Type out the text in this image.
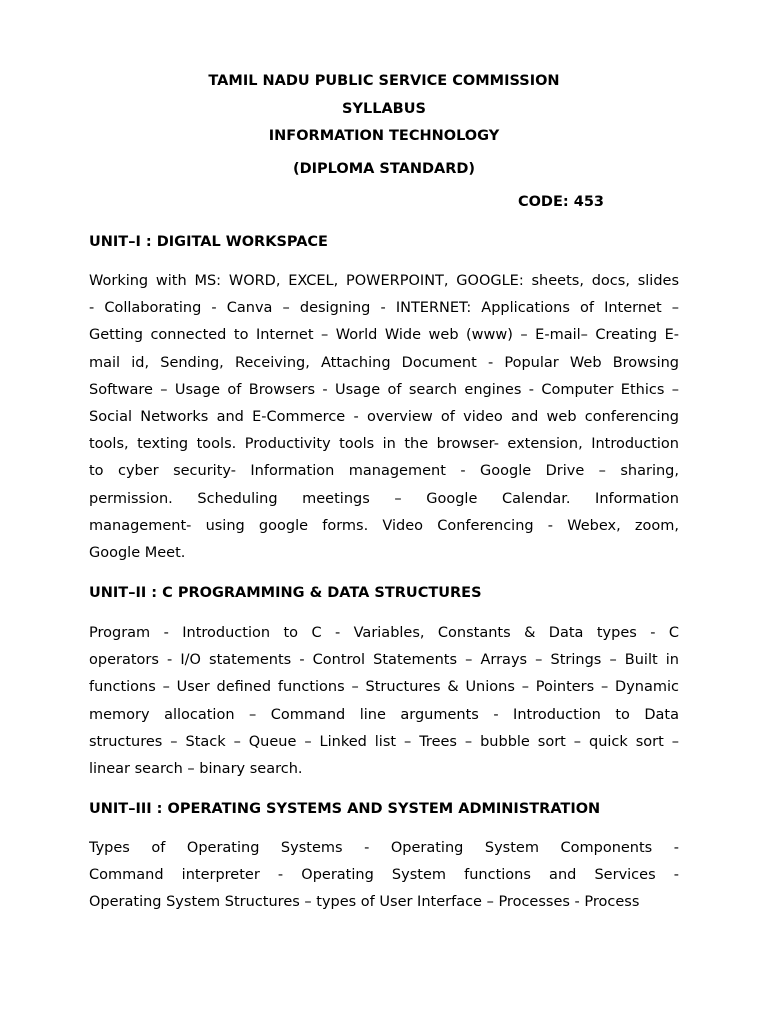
TAMIL NADU PUBLIC SERVICE COMMISSION
SYLLABUS
INFORMATION TECHNOLOGY
(DIPLOMA STANDARD)
CODE: 453
UNIT–I : DIGITAL WORKSPACE
Working with MS: WORD, EXCEL, POWERPOINT, GOOGLE: sheets, docs, slides
- Collaborating - Canva – designing - INTERNET: Applications of Internet –
Getting connected to Internet – World Wide web (www) – E-mail– Creating E-
mail id, Sending, Receiving, Attaching Document - Popular Web Browsing
Software – Usage of Browsers - Usage of search engines - Computer Ethics –
Social Networks and E-Commerce - overview of video and web conferencing
tools, texting tools. Productivity tools in the browser- extension, Introduction
to cyber security- Information management - Google Drive – sharing,
permission. Scheduling meetings – Google Calendar. Information
management- using google forms. Video Conferencing - Webex, zoom,
Google Meet.
UNIT–II : C PROGRAMMING & DATA STRUCTURES
Program - Introduction to C - Variables, Constants & Data types - C
operators - I/O statements - Control Statements – Arrays – Strings – Built in
functions – User defined functions – Structures & Unions – Pointers – Dynamic
memory allocation – Command line arguments - Introduction to Data
structures – Stack – Queue – Linked list – Trees – bubble sort – quick sort –
linear search – binary search.
UNIT–III : OPERATING SYSTEMS AND SYSTEM ADMINISTRATION
Types of Operating Systems - Operating System Components -
Command interpreter - Operating System functions and Services -
Operating System Structures – types of User Interface – Processes - Process
